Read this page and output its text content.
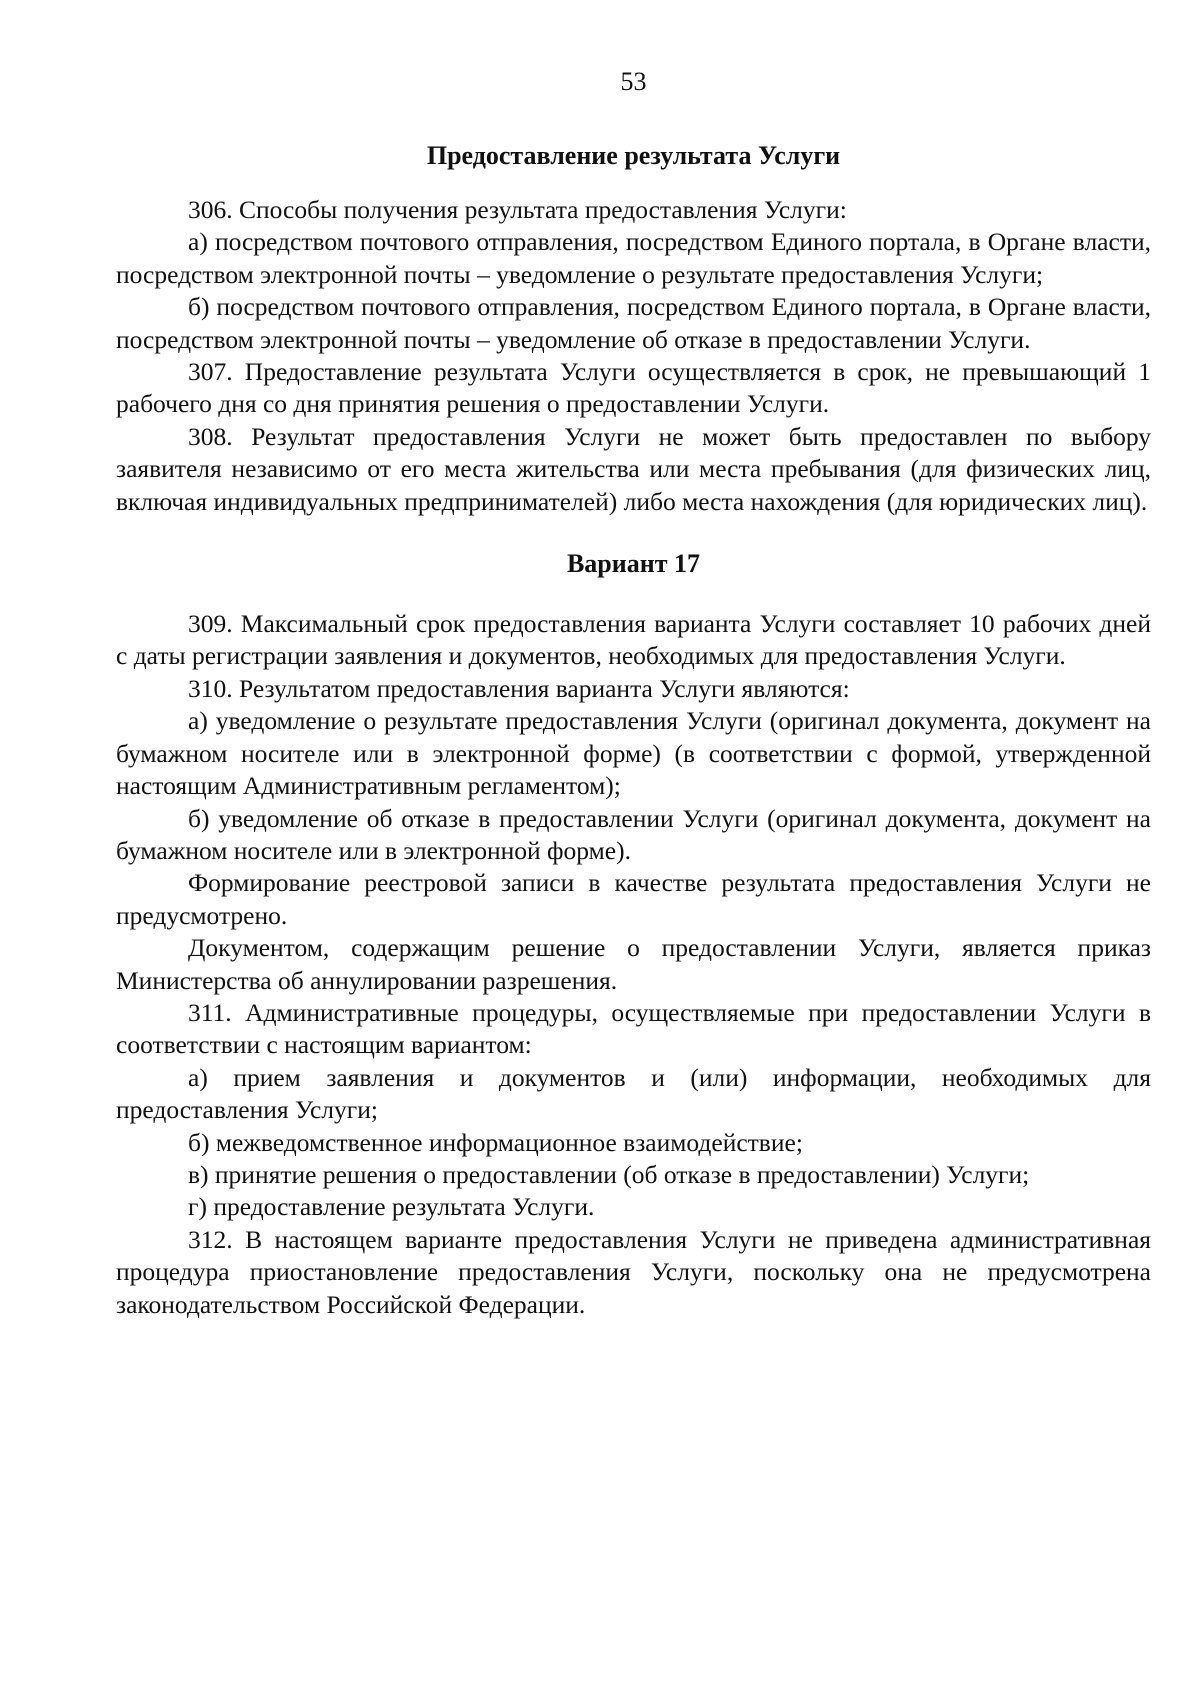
53
Предоставление результата Услуги

306. Способы получения результата предоставления Услуги:

а) посредством почтового отправления, посредством Единого портала, в Органе власти, посредством электронной почты – уведомление о результате предоставления Услуги;

б) посредством почтового отправления, посредством Единого портала, в Органе власти, посредством электронной почты – уведомление об отказе в предоставлении Услуги.

307. Предоставление результата Услуги осуществляется в срок, не превышающий 1 рабочего дня со дня принятия решения о предоставлении Услуги.

308. Результат предоставления Услуги не может быть предоставлен по выбору заявителя независимо от его места жительства или места пребывания (для физических лиц, включая индивидуальных предпринимателей) либо места нахождения (для юридических лиц).

Вариант 17

309. Максимальный срок предоставления варианта Услуги составляет 10 рабочих дней с даты регистрации заявления и документов, необходимых для предоставления Услуги.

310. Результатом предоставления варианта Услуги являются:

а) уведомление о результате предоставления Услуги (оригинал документа, документ на бумажном носителе или в электронной форме) (в соответствии с формой, утвержденной настоящим Административным регламентом);

б) уведомление об отказе в предоставлении Услуги (оригинал документа, документ на бумажном носителе или в электронной форме).

Формирование реестровой записи в качестве результата предоставления Услуги не предусмотрено.

Документом, содержащим решение о предоставлении Услуги, является приказ Министерства об аннулировании разрешения.

311. Административные процедуры, осуществляемые при предоставлении Услуги в соответствии с настоящим вариантом:

а) прием заявления и документов и (или) информации, необходимых для предоставления Услуги;

б) межведомственное информационное взаимодействие;

в) принятие решения о предоставлении (об отказе в предоставлении) Услуги;

г) предоставление результата Услуги.

312. В настоящем варианте предоставления Услуги не приведена административная процедура приостановление предоставления Услуги, поскольку она не предусмотрена законодательством Российской Федерации.
